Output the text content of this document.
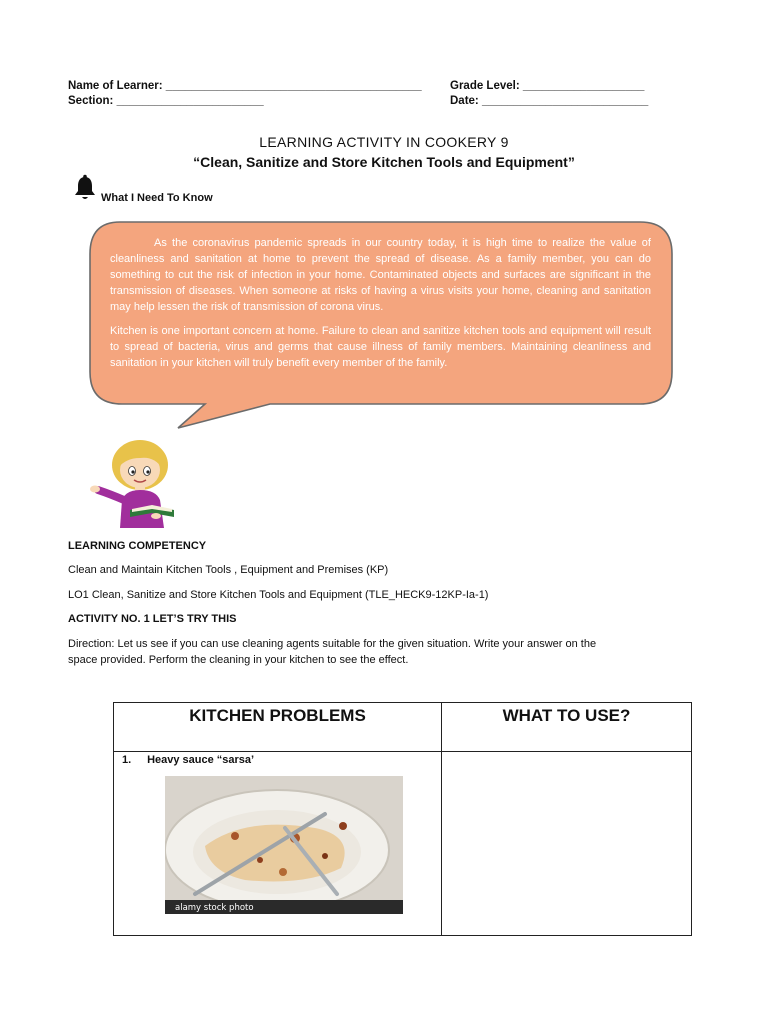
Name of Learner: ________________________________________ Grade Level: ___________________
Section: _______________________	Date: __________________________
LEARNING ACTIVITY IN COOKERY 9
“Clean, Sanitize and Store Kitchen Tools and Equipment”
What I Need To Know

As the coronavirus pandemic spreads in our country today, it is high time to realize the value of cleanliness and sanitation at home to prevent the spread of disease. As a family member, you can do something to cut the risk of infection in your home. Contaminated objects and surfaces are significant in the transmission of diseases. When someone at risks of having a virus visits your home, cleaning and sanitation may help lessen the risk of transmission of corona virus.

Kitchen is one important concern at home. Failure to clean and sanitize kitchen tools and equipment will result to spread of bacteria, virus and germs that cause illness of family members. Maintaining cleanliness and sanitation in your kitchen will truly benefit every member of the family.

LEARNING COMPETENCY
Clean and Maintain Kitchen Tools , Equipment and Premises (KP)
LO1 Clean, Sanitize and Store Kitchen Tools and Equipment (TLE_HECK9-12KP-Ia-1)
ACTIVITY NO. 1 LET’S TRY THIS
Direction: Let us see if you can use cleaning agents suitable for the given situation. Write your answer on the
space provided. Perform the cleaning in your kitchen to see the effect.
KITCHEN PROBLEMS	WHAT TO USE?

1. Heavy sauce “sarsa’
alamy stock photo	
